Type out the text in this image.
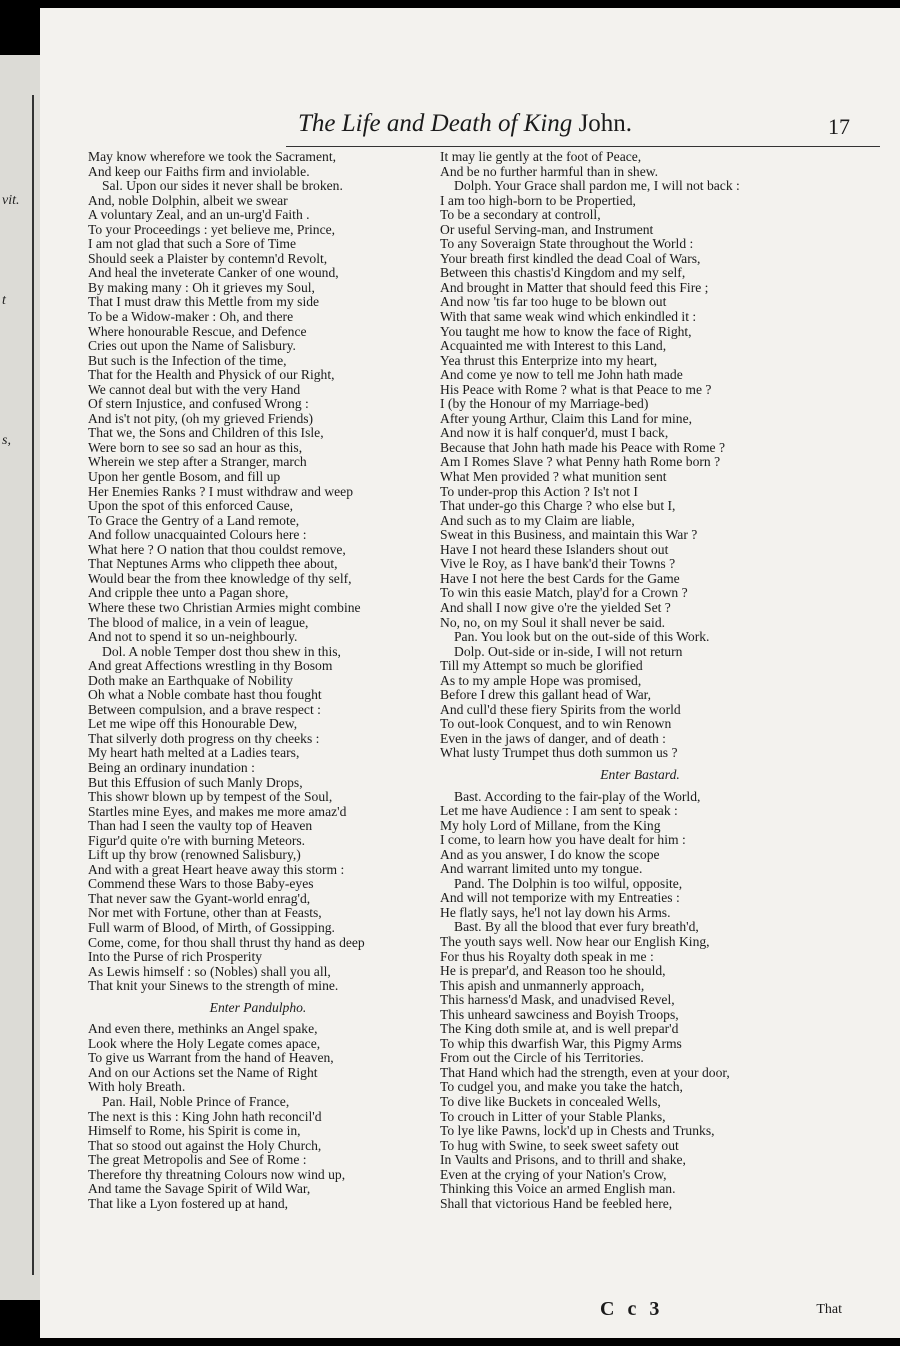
vit.
t
s,
The Life and Death of King John.	17
May know wherefore we took the Sacrament,
And keep our Faiths firm and inviolable.
Sal. Upon our sides it never shall be broken.
And, noble Dolphin, albeit we swear
A voluntary Zeal, and an un-urg'd Faith .
To your Proceedings : yet believe me, Prince,
I am not glad that such a Sore of Time
Should seek a Plaister by contemn'd Revolt,
And heal the inveterate Canker of one wound,
By making many : Oh it grieves my Soul,
That I must draw this Mettle from my side
To be a Widow-maker : Oh, and there
Where honourable Rescue, and Defence
Cries out upon the Name of Salisbury.
But such is the Infection of the time,
That for the Health and Physick of our Right,
We cannot deal but with the very Hand
Of stern Injustice, and confused Wrong :
And is't not pity, (oh my grieved Friends)
That we, the Sons and Children of this Isle,
Were born to see so sad an hour as this,
Wherein we step after a Stranger, march
Upon her gentle Bosom, and fill up
Her Enemies Ranks ? I must withdraw and weep
Upon the spot of this enforced Cause,
To Grace the Gentry of a Land remote,
And follow unacquainted Colours here :
What here ? O nation that thou couldst remove,
That Neptunes Arms who clippeth thee about,
Would bear the from thee knowledge of thy self,
And cripple thee unto a Pagan shore,
Where these two Christian Armies might combine
The blood of malice, in a vein of league,
And not to spend it so un-neighbourly.
Dol. A noble Temper dost thou shew in this,
And great Affections wrestling in thy Bosom
Doth make an Earthquake of Nobility
Oh what a Noble combate hast thou fought
Between compulsion, and a brave respect :
Let me wipe off this Honourable Dew,
That silverly doth progress on thy cheeks :
My heart hath melted at a Ladies tears,
Being an ordinary inundation :
But this Effusion of such Manly Drops,
This showr blown up by tempest of the Soul,
Startles mine Eyes, and makes me more amaz'd
Than had I seen the vaulty top of Heaven
Figur'd quite o're with burning Meteors.
Lift up thy brow (renowned Salisbury,)
And with a great Heart heave away this storm :
Commend these Wars to those Baby-eyes
That never saw the Gyant-world enrag'd,
Nor met with Fortune, other than at Feasts,
Full warm of Blood, of Mirth, of Gossipping.
Come, come, for thou shall thrust thy hand as deep
Into the Purse of rich Prosperity
As Lewis himself : so (Nobles) shall you all,
That knit your Sinews to the strength of mine.
Enter Pandulpho.
And even there, methinks an Angel spake,
Look where the Holy Legate comes apace,
To give us Warrant from the hand of Heaven,
And on our Actions set the Name of Right
With holy Breath.
Pan. Hail, Noble Prince of France,
The next is this : King John hath reconcil'd
Himself to Rome, his Spirit is come in,
That so stood out against the Holy Church,
The great Metropolis and See of Rome :
Therefore thy threatning Colours now wind up,
And tame the Savage Spirit of Wild War,
That like a Lyon fostered up at hand,
It may lie gently at the foot of Peace,
And be no further harmful than in shew.
Dolph. Your Grace shall pardon me, I will not back :
I am too high-born to be Propertied,
To be a secondary at controll,
Or useful Serving-man, and Instrument
To any Soveraign State throughout the World :
Your breath first kindled the dead Coal of Wars,
Between this chastis'd Kingdom and my self,
And brought in Matter that should feed this Fire ;
And now 'tis far too huge to be blown out
With that same weak wind which enkindled it :
You taught me how to know the face of Right,
Acquainted me with Interest to this Land,
Yea thrust this Enterprize into my heart,
And come ye now to tell me John hath made
His Peace with Rome ? what is that Peace to me ?
I (by the Honour of my Marriage-bed)
After young Arthur, Claim this Land for mine,
And now it is half conquer'd, must I back,
Because that John hath made his Peace with Rome ?
Am I Romes Slave ? what Penny hath Rome born ?
What Men provided ? what munition sent
To under-prop this Action ? Is't not I
That under-go this Charge ? who else but I,
And such as to my Claim are liable,
Sweat in this Business, and maintain this War ?
Have I not heard these Islanders shout out
Vive le Roy, as I have bank'd their Towns ?
Have I not here the best Cards for the Game
To win this easie Match, play'd for a Crown ?
And shall I now give o're the yielded Set ?
No, no, on my Soul it shall never be said.
Pan. You look but on the out-side of this Work.
Dolp. Out-side or in-side, I will not return
Till my Attempt so much be glorified
As to my ample Hope was promised,
Before I drew this gallant head of War,
And cull'd these fiery Spirits from the world
To out-look Conquest, and to win Renown
Even in the jaws of danger, and of death :
What lusty Trumpet thus doth summon us ?
Enter Bastard.
Bast. According to the fair-play of the World,
Let me have Audience : I am sent to speak :
My holy Lord of Millane, from the King
I come, to learn how you have dealt for him :
And as you answer, I do know the scope
And warrant limited unto my tongue.
Pand. The Dolphin is too wilful, opposite,
And will not temporize with my Entreaties :
He flatly says, he'l not lay down his Arms.
Bast. By all the blood that ever fury breath'd,
The youth says well. Now hear our English King,
For thus his Royalty doth speak in me :
He is prepar'd, and Reason too he should,
This apish and unmannerly approach,
This harness'd Mask, and unadvised Revel,
This unheard sawciness and Boyish Troops,
The King doth smile at, and is well prepar'd
To whip this dwarfish War, this Pigmy Arms
From out the Circle of his Territories.
That Hand which had the strength, even at your door,
To cudgel you, and make you take the hatch,
To dive like Buckets in concealed Wells,
To crouch in Litter of your Stable Planks,
To lye like Pawns, lock'd up in Chests and Trunks,
To hug with Swine, to seek sweet safety out
In Vaults and Prisons, and to thrill and shake,
Even at the crying of your Nation's Crow,
Thinking this Voice an armed English man.
Shall that victorious Hand be feebled here,
C c 3	That
